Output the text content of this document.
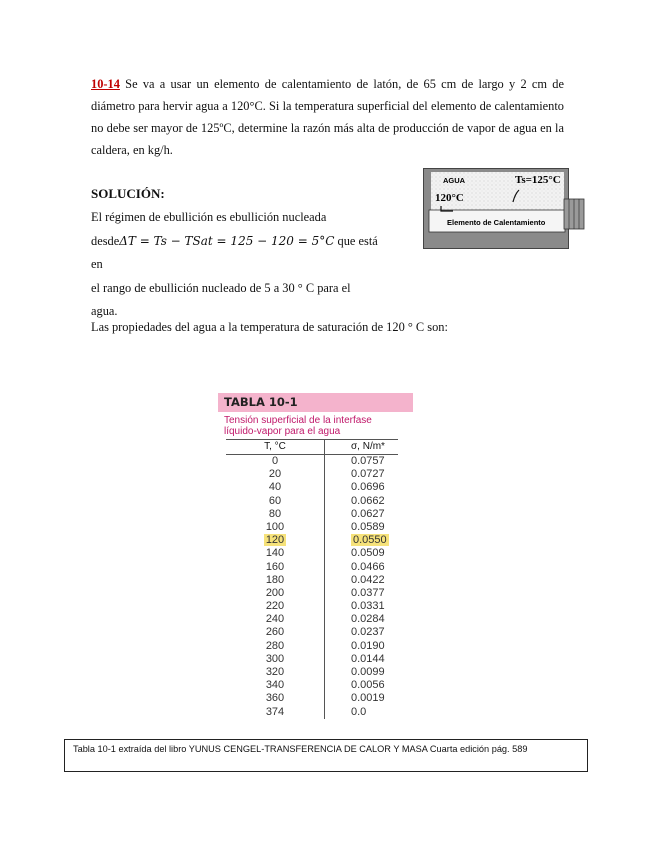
10-14 Se va a usar un elemento de calentamiento de latón, de 65 cm de largo y 2 cm de diámetro para hervir agua a 120°C. Si la temperatura superficial del elemento de calentamiento no debe ser mayor de 125ºC, determine la razón más alta de producción de vapor de agua en la caldera, en kg/h.
SOLUCIÓN:
El régimen de ebullición es ebullición nucleada
desdeΔT = Ts − TSat = 125 − 120 = 5°C que está en
el rango de ebullición nucleado de 5 a 30 ° C para el
agua.
AGUA
120°C
Ts=125°C
Elemento de Calentamiento
Las propiedades del agua a la temperatura de saturación de 120 ° C son:
TABLA 10-1
Tensión superficial de la interfase
líquido-vapor para el agua
T, °C	σ, N/m*
0	0.0757
20	0.0727
40	0.0696
60	0.0662
80	0.0627
100	0.0589
120	0.0550
140	0.0509
160	0.0466
180	0.0422
200	0.0377
220	0.0331
240	0.0284
260	0.0237
280	0.0190
300	0.0144
320	0.0099
340	0.0056
360	0.0019
374	0.0
Tabla 10-1 extraída del libro YUNUS CENGEL-TRANSFERENCIA DE CALOR Y MASA Cuarta edición pág. 589
